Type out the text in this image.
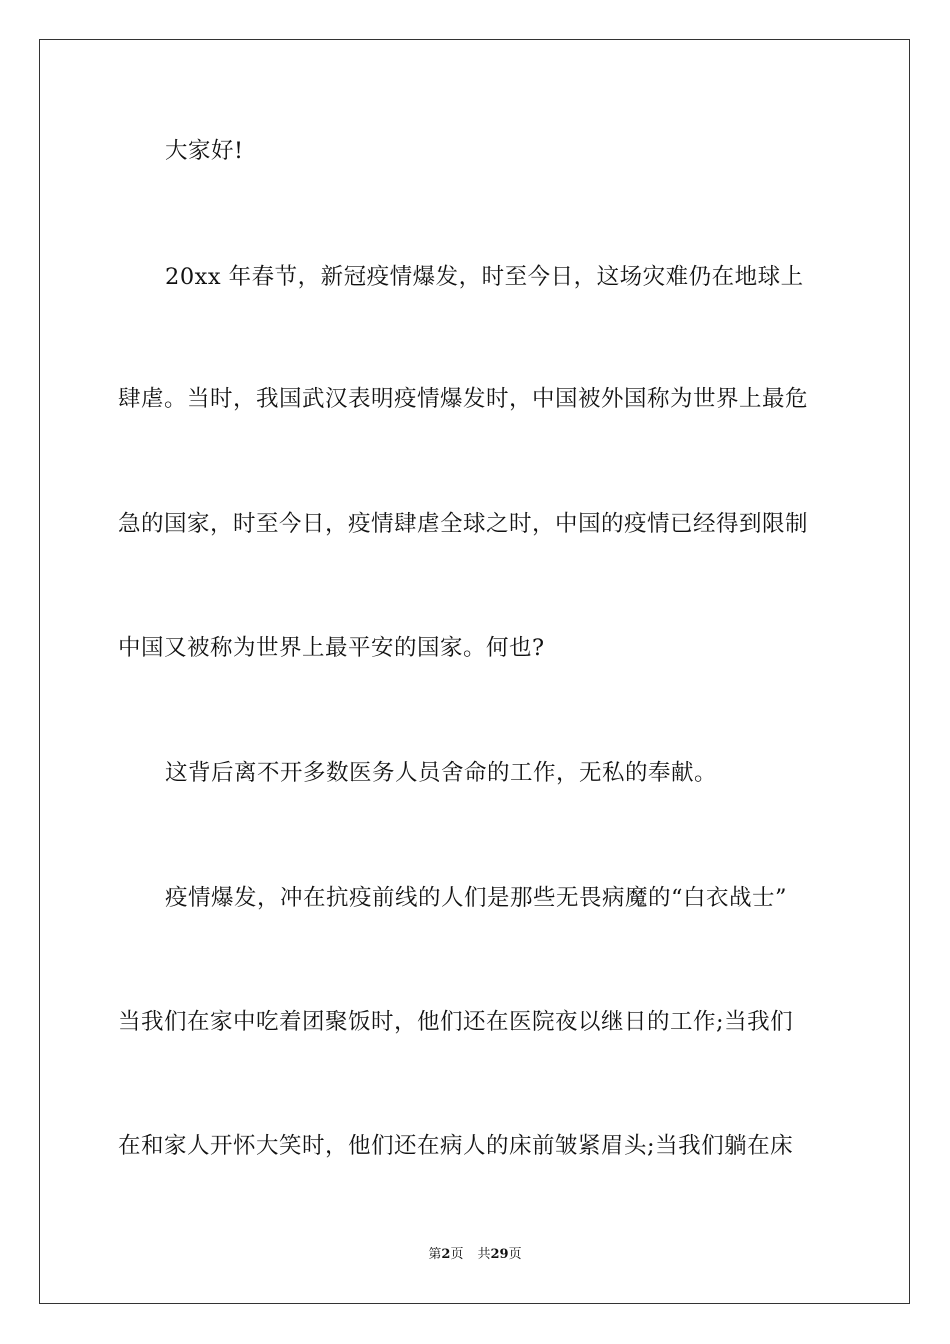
大家好!
20xx 年春节，新冠疫情爆发，时至今日，这场灾难仍在地球上
肆虐。当时，我国武汉表明疫情爆发时，中国被外国称为世界上最危
急的国家，时至今日，疫情肆虐全球之时，中国的疫情已经得到限制
中国又被称为世界上最平安的国家。何也?
这背后离不开多数医务人员舍命的工作，无私的奉献。
疫情爆发，冲在抗疫前线的人们是那些无畏病魔的“白衣战士”
当我们在家中吃着团聚饭时，他们还在医院夜以继日的工作;当我们
在和家人开怀大笑时，他们还在病人的床前皱紧眉头;当我们躺在床
第2页 共29页
